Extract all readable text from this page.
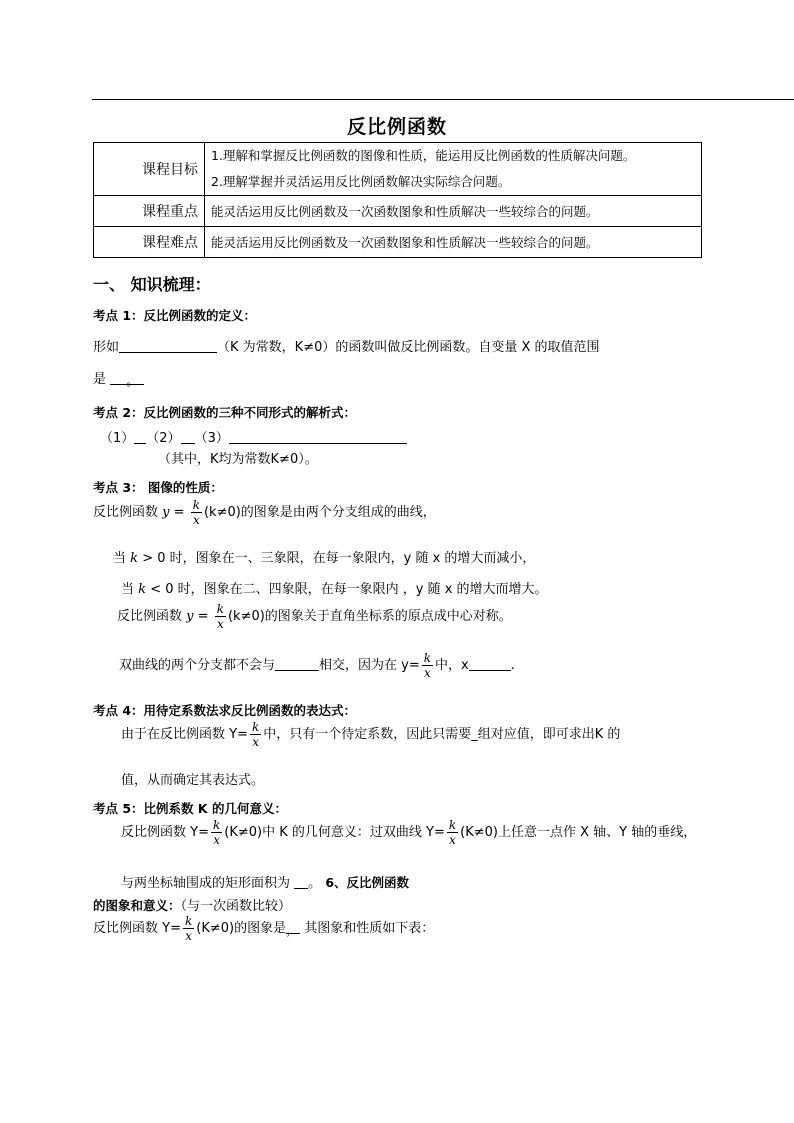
反比例函数
课程目标	1.理解和掌握反比例函数的图像和性质，能运用反比例函数的性质解决问题。
2.理解掌握并灵活运用反比例函数解决实际综合问题。

课程重点	能灵活运用反比例函数及一次函数图象和性质解决一些较综合的问题。
课程难点	能灵活运用反比例函数及一次函数图象和性质解决一些较综合的问题。
一、 知识梳理：
考点 1：反比例函数的定义：
形如	（K 为常数，K≠0）的函数叫做反比例函数。自变量 X 的取值范围
是 。
考点 2：反比例函数的三种不同形式的解析式：
（1） （2） （3）
（其中，K均为常数K≠0）。
考点 3： 图像的性质：
反比例函数 $y = \frac{k}{x} (k\ne 0)$的图象是由两个分支组成的曲线，
当 k > 0 时，图象在一、三象限，在每一象限内，y 随 x 的增大而减小，
当 k < 0 时，图象在二、四象限，在每一象限内 ，y 随 x 的增大而增大。
反比例函数 $y = \frac{k}{x} (k\ne 0)$的图象关于直角坐标系的原点成中心对称。
双曲线的两个分支都不会与	相交，因为在 $y= \frac{k}{x}$ 中，x	.
考点 4：用待定系数法求反比例函数的表达式：
由于在反比例函数 $Y= \frac{k}{x}$ 中，只有一个待定系数，因此只需要_组对应值，即可求出K 的
值，从而确定其表达式。
考点 5：比例系数 K 的几何意义：
反比例函数 $Y= \frac{k}{x} (K\ne 0)$中 K 的几何意义：过双曲线 $Y= \frac{k}{x} (K\ne 0)$上任意一点作 X 轴、Y 轴的垂线，
与两坐标轴围成的矩形面积为 。 6、反比例函数
的图象和意义：（与一次函数比较）
反比例函数 $Y= \frac{k}{x} (K\ne 0)$的图象是， 其图象和性质如下表：
